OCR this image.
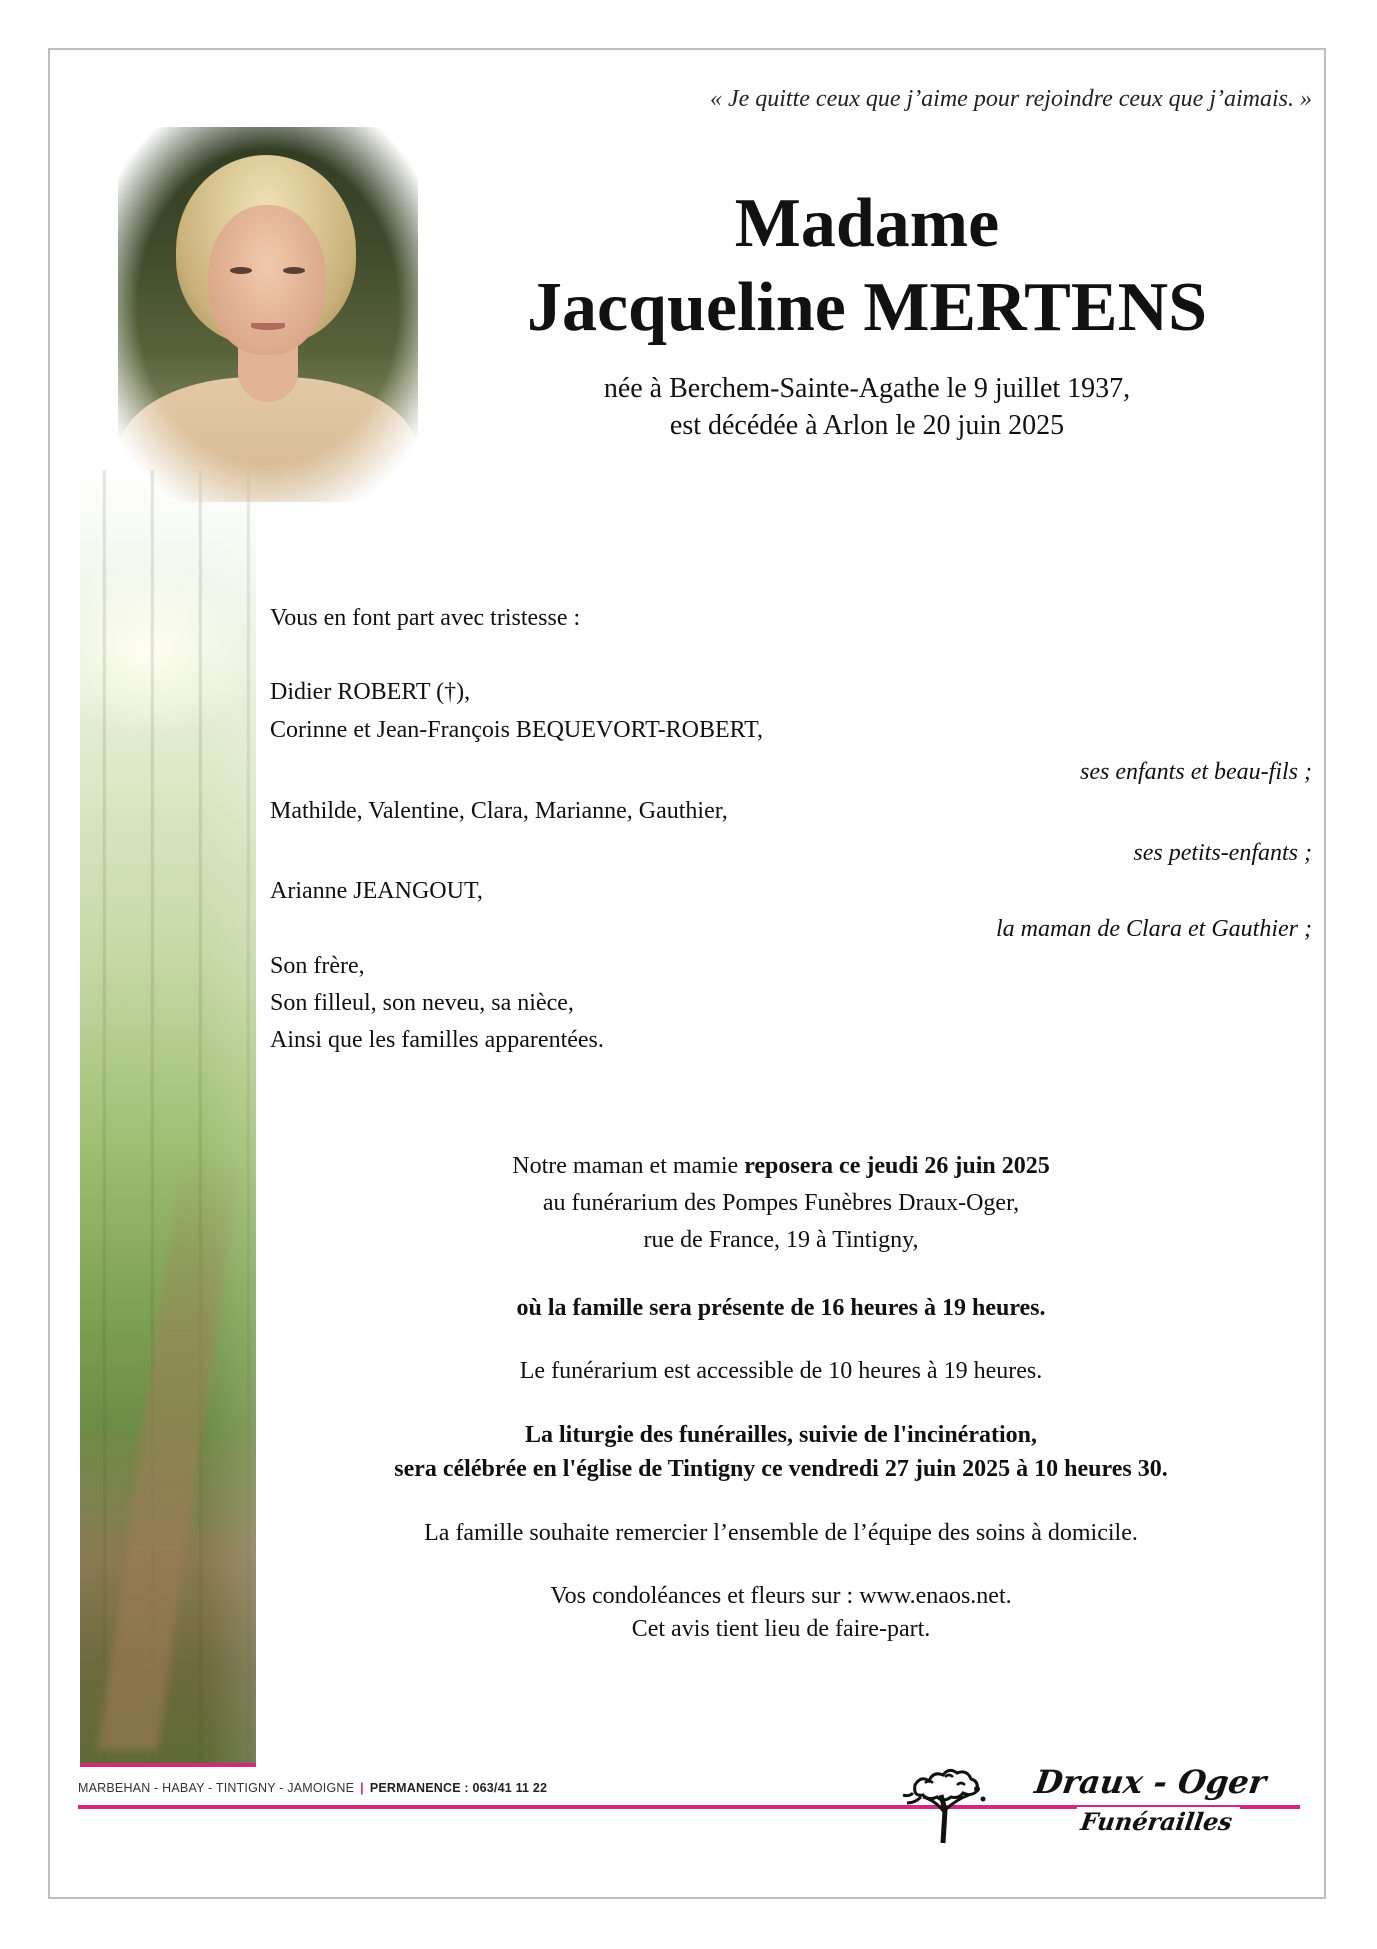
« Je quitte ceux que j’aime pour rejoindre ceux que j’aimais. »
Madame
Jacqueline MERTENS
née à Berchem-Sainte-Agathe le 9 juillet 1937,
est décédée à Arlon le 20 juin 2025
Vous en font part avec tristesse :
Didier ROBERT (†),
Corinne et Jean-François BEQUEVORT-ROBERT,
ses enfants et beau-fils ;
Mathilde, Valentine, Clara, Marianne, Gauthier,
ses petits-enfants ;
Arianne JEANGOUT,
la maman de Clara et Gauthier ;
Son frère,
Son filleul, son neveu, sa nièce,
Ainsi que les familles apparentées.
Notre maman et mamie reposera ce jeudi 26 juin 2025
au funérarium des Pompes Funèbres Draux-Oger,
rue de France, 19 à Tintigny,
où la famille sera présente de 16 heures à 19 heures.
Le funérarium est accessible de 10 heures à 19 heures.
La liturgie des funérailles, suivie de l'incinération,
sera célébrée en l'église de Tintigny ce vendredi 27 juin 2025 à 10 heures 30.
La famille souhaite remercier l’ensemble de l’équipe des soins à domicile.
Vos condoléances et fleurs sur : www.enaos.net.
Cet avis tient lieu de faire-part.
MARBEHAN - HABAY - TINTIGNY - JAMOIGNE | PERMANENCE : 063/41 11 22	Draux - Oger
Funérailles
